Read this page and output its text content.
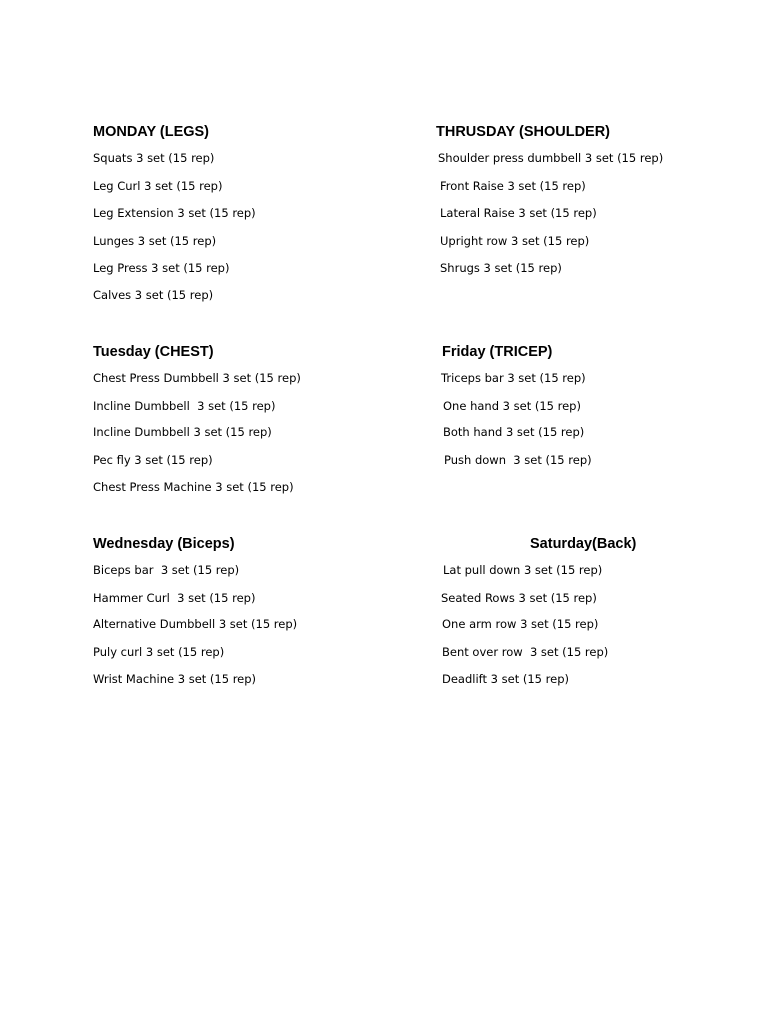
MONDAY (LEGS)
Squats 3 set (15 rep)
Leg Curl 3 set (15 rep)
Leg Extension 3 set (15 rep)
Lunges 3 set (15 rep)
Leg Press 3 set (15 rep)
Calves 3 set (15 rep)
THRUSDAY (SHOULDER)
Shoulder press dumbbell 3 set (15 rep)
Front Raise 3 set (15 rep)
Lateral Raise 3 set (15 rep)
Upright row 3 set (15 rep)
Shrugs 3 set (15 rep)
Tuesday (CHEST)
Chest Press Dumbbell 3 set (15 rep)
Incline Dumbbell  3 set (15 rep)
Incline Dumbbell 3 set (15 rep)
Pec fly 3 set (15 rep)
Chest Press Machine 3 set (15 rep)
Friday (TRICEP)
Triceps bar 3 set (15 rep)
One hand 3 set (15 rep)
Both hand 3 set (15 rep)
Push down  3 set (15 rep)
Wednesday (Biceps)
Biceps bar  3 set (15 rep)
Hammer Curl  3 set (15 rep)
Alternative Dumbbell 3 set (15 rep)
Puly curl 3 set (15 rep)
Wrist Machine 3 set (15 rep)
Saturday(Back)
Lat pull down 3 set (15 rep)
Seated Rows 3 set (15 rep)
One arm row 3 set (15 rep)
Bent over row  3 set (15 rep)
Deadlift 3 set (15 rep)
